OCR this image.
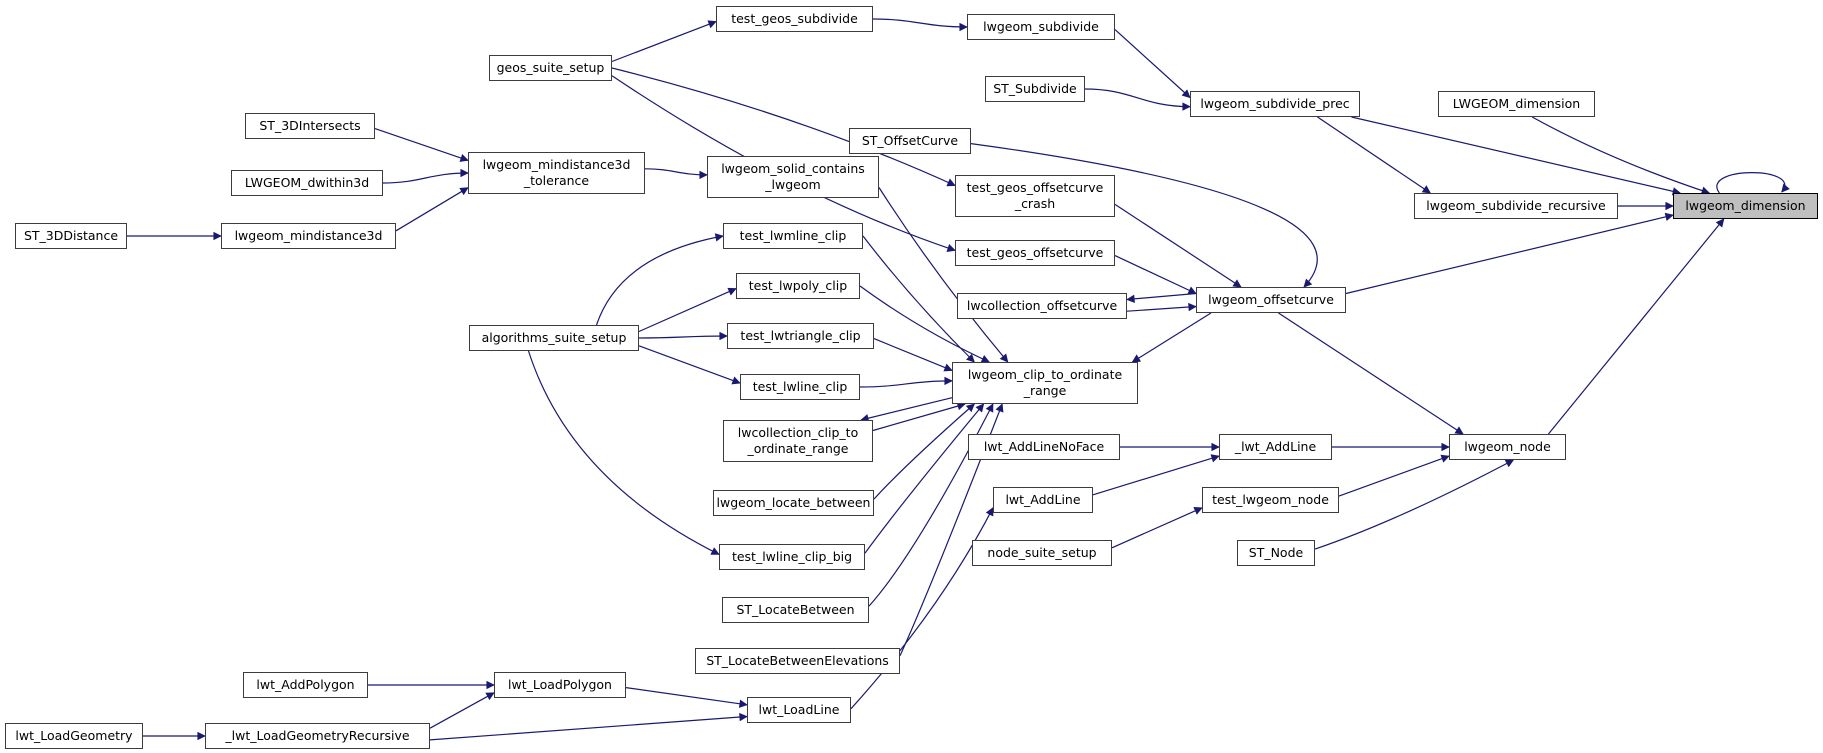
test_geos_subdivide
lwgeom_subdivide
geos_suite_setup
ST_Subdivide
lwgeom_subdivide_prec	LWGEOM_dimension
lwgeom_subdivide_recursive	lwgeom_dimension
ST_3DIntersects
LWGEOM_dwithin3d
lwgeom_mindistance3d
_tolerance
lwgeom_solid_contains
_lwgeom
ST_3DDistance	lwgeom_mindistance3d	test_lwmline_clip
ST_OffsetCurve
test_geos_offsetcurve
_crash
test_geos_offsetcurve
test_lwpoly_clip
lwcollection_offsetcurve	lwgeom_offsetcurve
algorithms_suite_setup	test_lwtriangle_clip
test_lwline_clip
lwgeom_clip_to_ordinate
_range
lwcollection_clip_to
_ordinate_range	lwt_AddLineNoFace	_lwt_AddLine	lwgeom_node
lwgeom_locate_between	lwt_AddLine	test_lwgeom_node
test_lwline_clip_big	node_suite_setup	ST_Node
ST_LocateBetween
ST_LocateBetweenElevations
lwt_AddPolygon	lwt_LoadPolygon
lwt_LoadLine
lwt_LoadGeometry	_lwt_LoadGeometryRecursive
